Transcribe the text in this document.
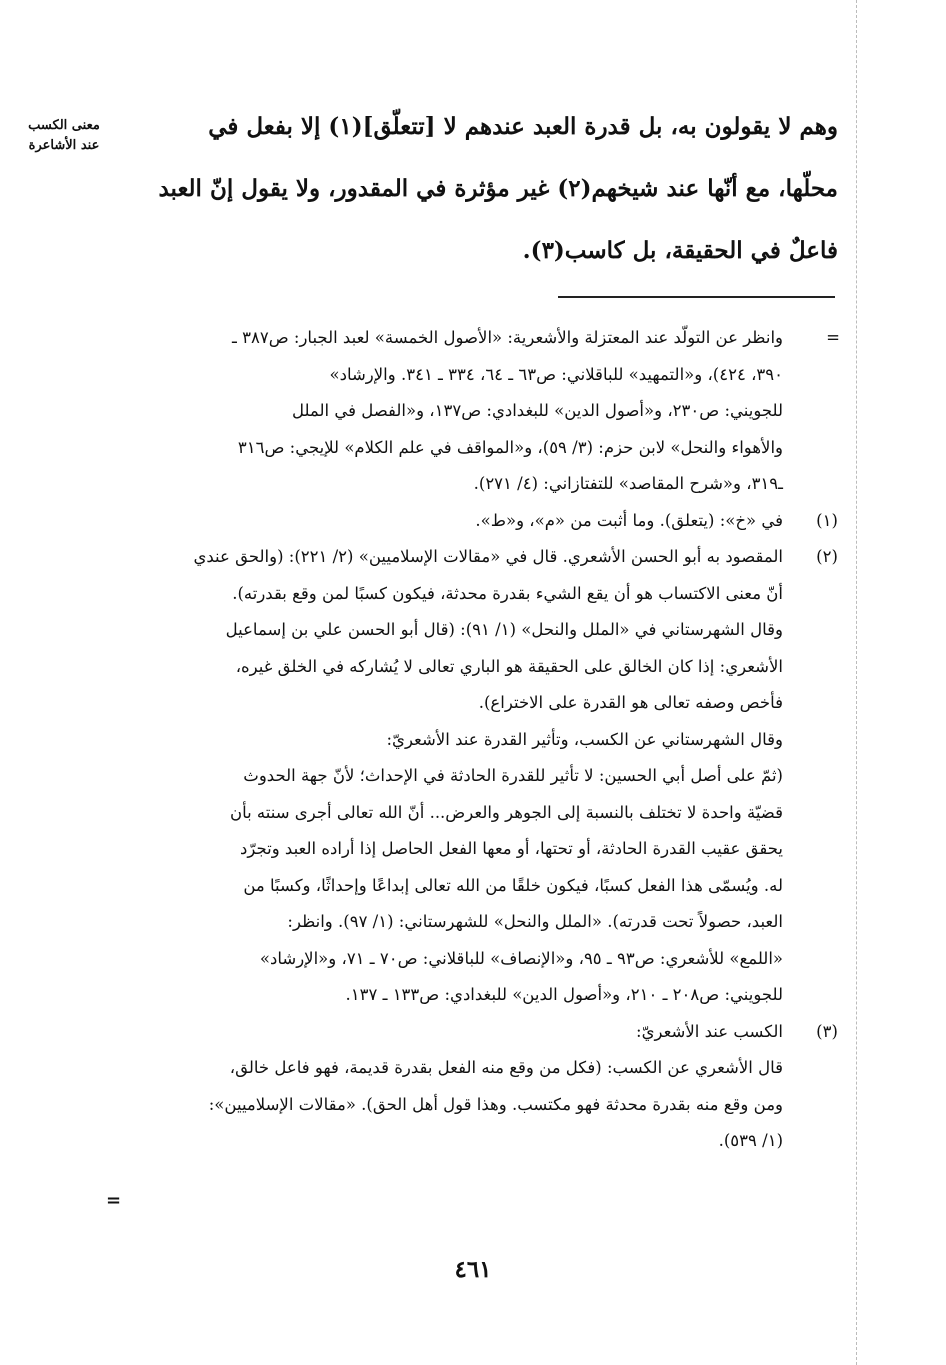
معنى الكسب
عند الأشاعرة
وهم لا يقولون به، بل قدرة العبد عندهم لا [تتعلّق](١) إلا بفعل في
محلّها، مع أنّها عند شيخهم(٢) غير مؤثرة في المقدور، ولا يقول إنّ العبد
فاعلٌ في الحقيقة، بل كاسب(٣).
=
وانظر عن التولّد عند المعتزلة والأشعرية: «الأصول الخمسة» لعبد الجبار: ص٣٨٧ ـ
٣٩٠، ٤٢٤)، و«التمهيد» للباقلاني: ص٦٣ ـ ٦٤، ٣٣٤ ـ ٣٤١. والإرشاد»
للجويني: ص٢٣٠، و«أصول الدين» للبغدادي: ص١٣٧، و«الفصل في الملل
والأهواء والنحل» لابن حزم: (٣/ ٥٩)، و«المواقف في علم الكلام» للإيجي: ص٣١٦
ـ٣١٩، و«شرح المقاصد» للتفتازاني: (٤/ ٢٧١).
(١)
في «خ»: (يتعلق). وما أثبت من «م»، و«ط».
(٢)
المقصود به أبو الحسن الأشعري. قال في «مقالات الإسلاميين» (٢/ ٢٢١): (والحق عندي
أنّ معنى الاكتساب هو أن يقع الشيء بقدرة محدثة، فيكون كسبًا لمن وقع بقدرته).
وقال الشهرستاني في «الملل والنحل» (١/ ٩١): (قال أبو الحسن علي بن إسماعيل
الأشعري: إذا كان الخالق على الحقيقة هو الباري تعالى لا يُشاركه في الخلق غيره،
فأخص وصفه تعالى هو القدرة على الاختراع).
وقال الشهرستاني عن الكسب، وتأثير القدرة عند الأشعريّ:
(ثمّ على أصل أبي الحسين: لا تأثير للقدرة الحادثة في الإحداث؛ لأنّ جهة الحدوث
قضيّة واحدة لا تختلف بالنسبة إلى الجوهر والعرض... أنّ الله تعالى أجرى سنته بأن
يحقق عقيب القدرة الحادثة، أو تحتها، أو معها الفعل الحاصل إذا أراده العبد وتجرّد
له. ويُسمّى هذا الفعل كسبًا، فيكون خلقًا من الله تعالى إبداعًا وإحداثًا، وكسبًا من
العبد، حصولاً تحت قدرته). «الملل والنحل» للشهرستاني: (١/ ٩٧). وانظر:
«اللمع» للأشعري: ص٩٣ ـ ٩٥، و«الإنصاف» للباقلاني: ص٧٠ ـ ٧١، و«الإرشاد»
للجويني: ص٢٠٨ ـ ٢١٠، و«أصول الدين» للبغدادي: ص١٣٣ ـ ١٣٧.
(٣)
الكسب عند الأشعريّ:
قال الأشعري عن الكسب: (فكل من وقع منه الفعل بقدرة قديمة، فهو فاعل خالق،
ومن وقع منه بقدرة محدثة فهو مكتسب. وهذا قول أهل الحق). «مقالات الإسلاميين»:
(١/ ٥٣٩).
=
٤٦١
